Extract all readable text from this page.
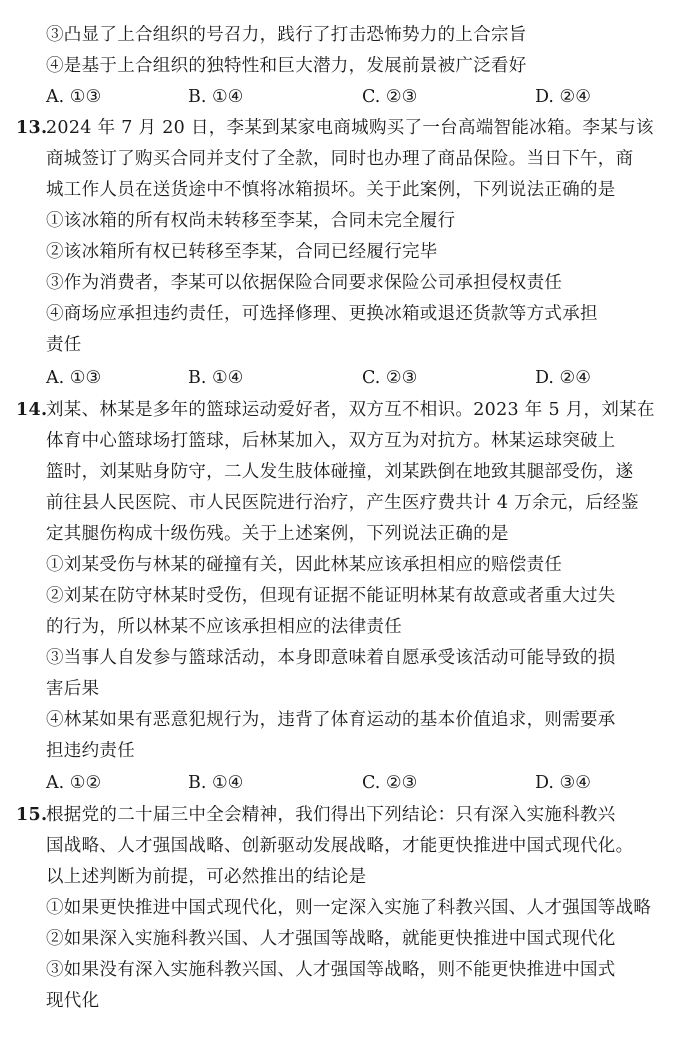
③凸显了上合组织的号召力，践行了打击恐怖势力的上合宗旨
④是基于上合组织的独特性和巨大潜力，发展前景被广泛看好
A. ①③	B. ①④	C. ②③	D. ②④
13.
2024 年 7 月 20 日，李某到某家电商城购买了一台高端智能冰箱。李某与该
商城签订了购买合同并支付了全款，同时也办理了商品保险。当日下午，商
城工作人员在送货途中不慎将冰箱损坏。关于此案例，下列说法正确的是
①该冰箱的所有权尚未转移至李某，合同未完全履行
②该冰箱所有权已转移至李某，合同已经履行完毕
③作为消费者，李某可以依据保险合同要求保险公司承担侵权责任
④商场应承担违约责任，可选择修理、更换冰箱或退还货款等方式承担
责任
A. ①③	B. ①④	C. ②③	D. ②④
14.
刘某、林某是多年的篮球运动爱好者，双方互不相识。2023 年 5 月，刘某在
体育中心篮球场打篮球，后林某加入，双方互为对抗方。林某运球突破上
篮时，刘某贴身防守，二人发生肢体碰撞，刘某跌倒在地致其腿部受伤，遂
前往县人民医院、市人民医院进行治疗，产生医疗费共计 4 万余元，后经鉴
定其腿伤构成十级伤残。关于上述案例，下列说法正确的是
①刘某受伤与林某的碰撞有关，因此林某应该承担相应的赔偿责任
②刘某在防守林某时受伤，但现有证据不能证明林某有故意或者重大过失
的行为，所以林某不应该承担相应的法律责任
③当事人自发参与篮球活动，本身即意味着自愿承受该活动可能导致的损
害后果
④林某如果有恶意犯规行为，违背了体育运动的基本价值追求，则需要承
担违约责任
A. ①②	B. ①④	C. ②③	D. ③④
15.
根据党的二十届三中全会精神，我们得出下列结论：只有深入实施科教兴
国战略、人才强国战略、创新驱动发展战略，才能更快推进中国式现代化。
以上述判断为前提，可必然推出的结论是
①如果更快推进中国式现代化，则一定深入实施了科教兴国、人才强国等战略
②如果深入实施科教兴国、人才强国等战略，就能更快推进中国式现代化
③如果没有深入实施科教兴国、人才强国等战略，则不能更快推进中国式
现代化
